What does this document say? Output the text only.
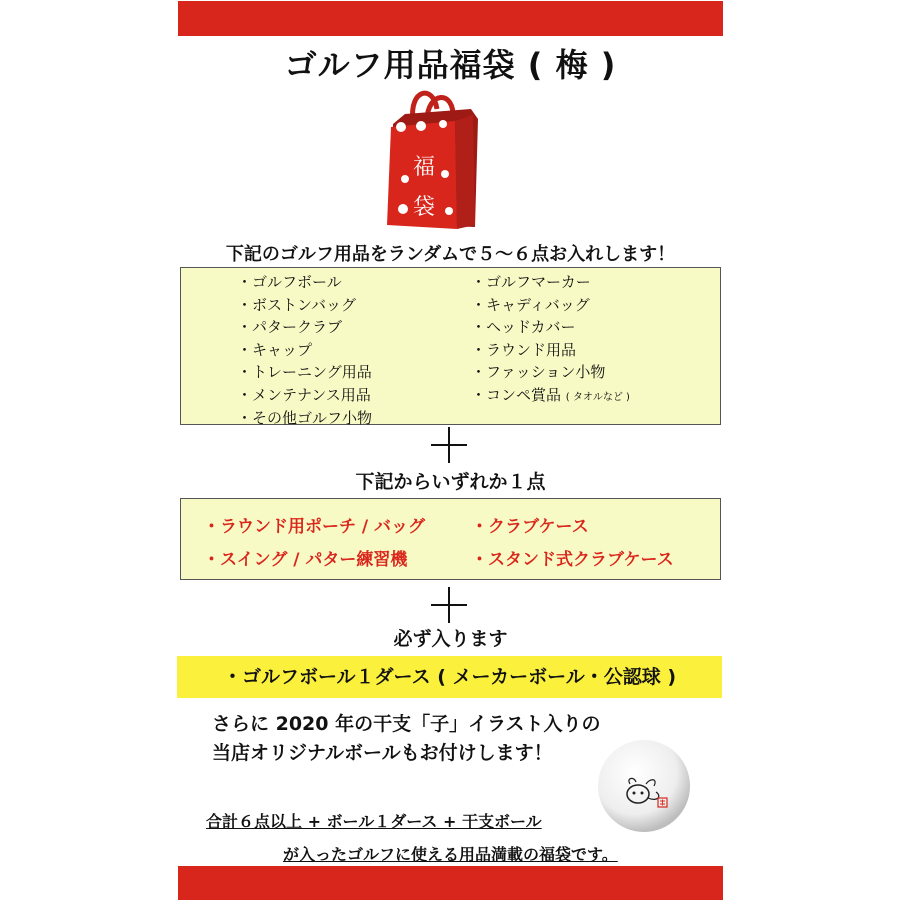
ゴルフ用品福袋 ( 梅 )
福
袋
下記のゴルフ用品をランダムで５～６点お入れします！
・ゴルフボール
・ボストンバッグ
・パタークラブ
・キャップ
・トレーニング用品
・メンテナンス用品
・その他ゴルフ小物
・ゴルフマーカー
・キャディバッグ
・ヘッドカバー
・ラウンド用品
・ファッション小物
・コンペ賞品 ( タオルなど )
下記からいずれか１点
・ラウンド用ポーチ / バッグ	・クラブケース
・スイング / パター練習機	・スタンド式クラブケース
必ず入ります
・ゴルフボール１ダース ( メーカーボール・公認球 )
さらに 2020 年の干支「子」イラスト入りの
当店オリジナルボールもお付けします！
合計６点以上 + ボール１ダース + 干支ボール
が入ったゴルフに使える用品満載の福袋です。
